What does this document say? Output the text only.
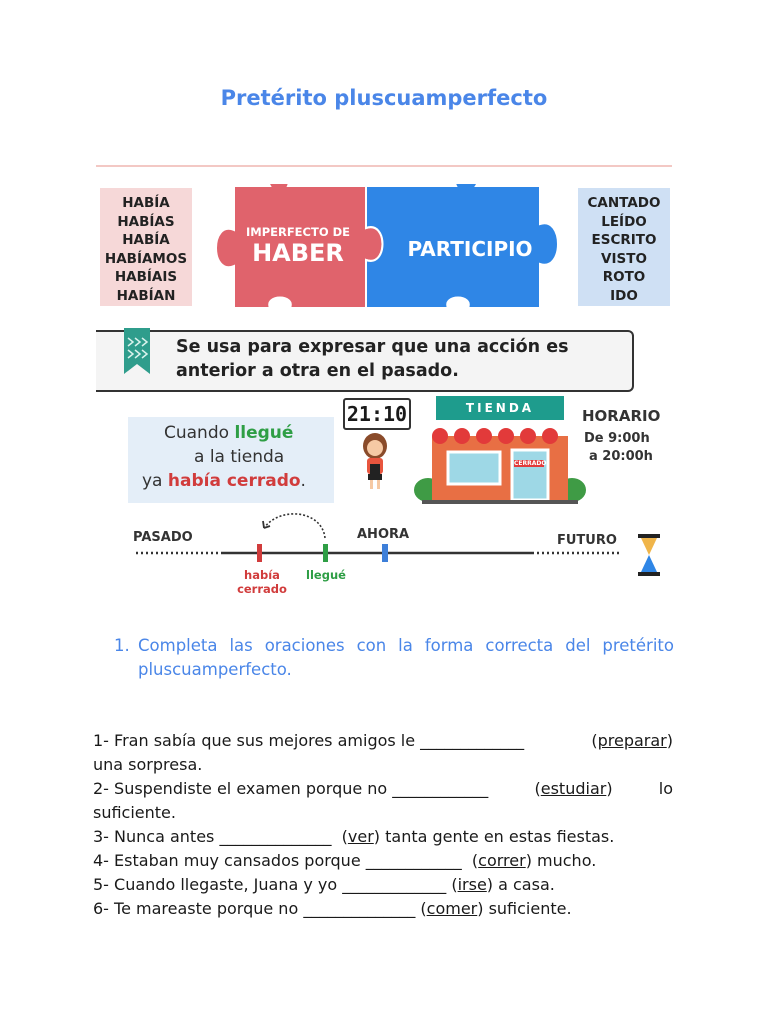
Pretérito pluscuamperfecto
HABÍA
HABÍAS
HABÍA
HABÍAMOS
HABÍAIS
HABÍAN
IMPERFECTO DE
HABER	PARTICIPIO
CANTADO
LEÍDO
ESCRITO
VISTO
ROTO
IDO
Se usa para expresar que una acción es
anterior a otra en el pasado.
Cuando llegué
a la tienda
ya había cerrado.
21:10	TIENDA
CERRADO
HORARIO
De 9:00h
a 20:00h
PASADO	AHORA	FUTURO
había
cerrado
llegué
1. Completa las oraciones con la forma correcta del pretérito pluscuamperfecto.
1- Fran sabía que sus mejores amigos le _____________	(preparar)
una sorpresa.
2- Suspendiste el examen porque no ____________	(estudiar)	lo
suficiente.
3- Nunca antes ______________  (ver) tanta gente en estas fiestas.
4- Estaban muy cansados porque ____________  (correr) mucho.
5- Cuando llegaste, Juana y yo _____________ (irse) a casa.
6- Te mareaste porque no ______________ (comer) suficiente.
